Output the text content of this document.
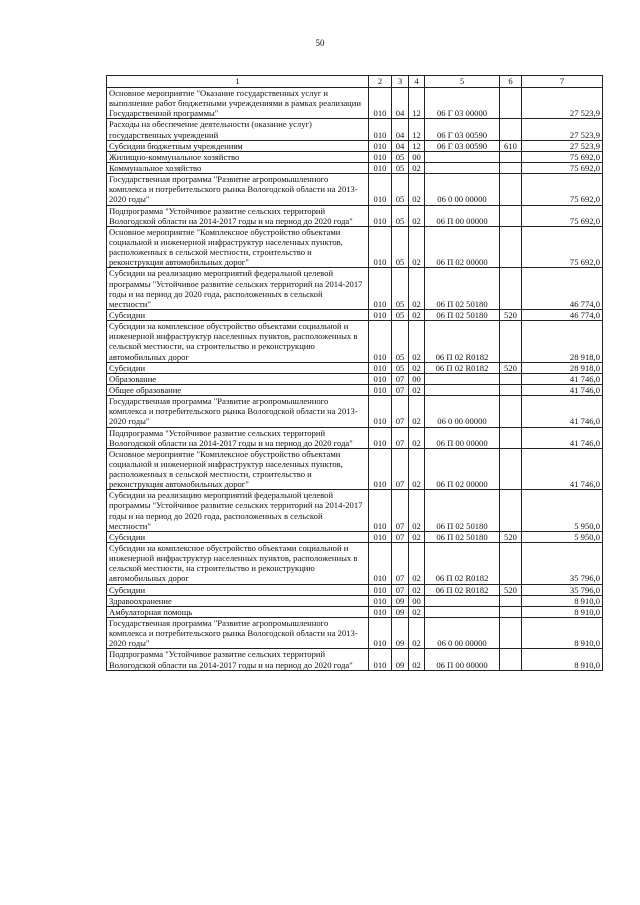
50
1	2	3	4	5	6	7
Основное мероприятие "Оказание государственных услуг и выполнение работ бюджетными учреждениями в рамках реализации Государственной программы"	010	04	12	06 Г 03 00000		27 523,9
Расходы на обеспечение деятельности (оказание услуг) государственных учреждений	010	04	12	06 Г 03 00590		27 523,9
Субсидии бюджетным учреждениям	010	04	12	06 Г 03 00590	610	27 523,9
Жилищно-коммунальное хозяйство	010	05	00			75 692,0
Коммунальное хозяйство	010	05	02			75 692,0
Государственная программа "Развитие агропромышленного комплекса и потребительского рынка Вологодской области на 2013-2020 годы"	010	05	02	06 0 00 00000		75 692,0
Подпрограмма "Устойчивое развитие сельских территорий Вологодской области на 2014-2017 годы и на период до 2020 года"	010	05	02	06 П 00 00000		75 692,0
Основное мероприятие "Комплексное обустройство объектами социальной и инженерной инфраструктур населенных пунктов, расположенных в сельской местности, строительство и реконструкция автомобильных дорог"	010	05	02	06 П 02 00000		75 692,0
Субсидии на реализацию мероприятий федеральной целевой программы "Устойчивое развитие сельских территорий на 2014-2017 годы и на период до 2020 года, расположенных в сельской местности"	010	05	02	06 П 02 50180		46 774,0
Субсидии	010	05	02	06 П 02 50180	520	46 774,0
Субсидии на комплексное обустройство объектами социальной и инженерной инфраструктур населенных пунктов, расположенных в сельской местности, на строительство и реконструкцию автомобильных дорог	010	05	02	06 П 02 R0182		28 918,0
Субсидии	010	05	02	06 П 02 R0182	520	28 918,0
Образование	010	07	00			41 746,0
Общее образование	010	07	02			41 746,0
Государственная программа "Развитие агропромышленного комплекса и потребительского рынка Вологодской области на 2013-2020 годы"	010	07	02	06 0 00 00000		41 746,0
Подпрограмма "Устойчивое развитие сельских территорий Вологодской области на 2014-2017 годы и на период до 2020 года"	010	07	02	06 П 00 00000		41 746,0
Основное мероприятие "Комплексное обустройство объектами социальной и инженерной инфраструктур населенных пунктов, расположенных в сельской местности, строительство и реконструкция автомобильных дорог"	010	07	02	06 П 02 00000		41 746,0
Субсидии на реализацию мероприятий федеральной целевой программы "Устойчивое развитие сельских территорий на 2014-2017 годы и на период до 2020 года, расположенных в сельской местности"	010	07	02	06 П 02 50180		5 950,0
Субсидии	010	07	02	06 П 02 50180	520	5 950,0
Субсидии на комплексное обустройство объектами социальной и инженерной инфраструктур населенных пунктов, расположенных в сельской местности, на строительство и реконструкцию автомобильных дорог	010	07	02	06 П 02 R0182		35 796,0
Субсидии	010	07	02	06 П 02 R0182	520	35 796,0
Здравоохранение	010	09	00			8 910,0
Амбулаторная помощь	010	09	02			8 910,0
Государственная программа "Развитие агропромышленного комплекса и потребительского рынка Вологодской области на 2013-2020 годы"	010	09	02	06 0 00 00000		8 910,0
Подпрограмма "Устойчивое развитие сельских территорий Вологодской области на 2014-2017 годы и на период до 2020 года"	010	09	02	06 П 00 00000		8 910,0
